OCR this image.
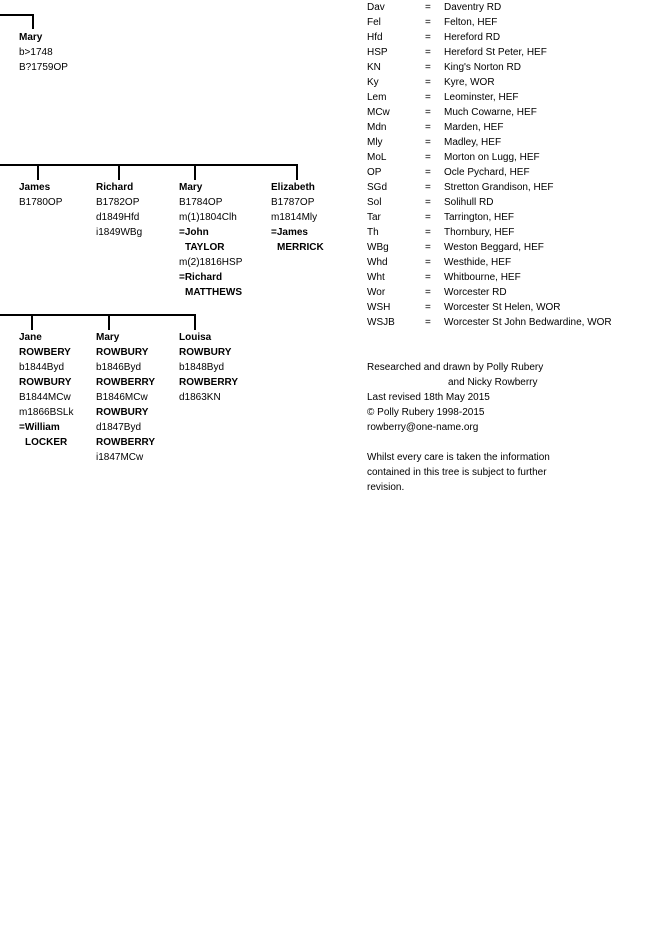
Mary
b>1748
B?1759OP
James
B1780OP
Richard
B1782OP
d1849Hfd
i1849WBg
Mary
B1784OP
m(1)1804Clh
=John
TAYLOR
m(2)1816HSP
=Richard
MATTHEWS
Elizabeth
B1787OP
m1814Mly
=James
MERRICK
Jane
ROWBERY
b1844Byd
ROWBURY
B1844MCw
m1866BSLk
=William
LOCKER
Mary
ROWBURY
b1846Byd
ROWBERRY
B1846MCw
ROWBURY
d1847Byd
ROWBERRY
i1847MCw
Louisa
ROWBURY
b1848Byd
ROWBERRY
d1863KN
Dav	= Daventry RD
Fel	= Felton, HEF
Hfd	= Hereford RD
HSP	= Hereford St Peter, HEF
KN	= King's Norton RD
Ky	= Kyre, WOR
Lem	= Leominster, HEF
MCw	= Much Cowarne, HEF
Mdn	= Marden, HEF
Mly	= Madley, HEF
MoL	= Morton on Lugg, HEF
OP	= Ocle Pychard, HEF
SGd	= Stretton Grandison, HEF
Sol	= Solihull RD
Tar	= Tarrington, HEF
Th	= Thornbury, HEF
WBg	= Weston Beggard, HEF
Whd	= Westhide, HEF
Wht	= Whitbourne, HEF
Wor	= Worcester RD
WSH	= Worcester St Helen, WOR
WSJB	= Worcester St John Bedwardine, WOR
Researched and drawn by Polly Rubery
and Nicky Rowberry
Last revised 18th May 2015
© Polly Rubery 1998-2015
rowberry@one-name.org
Whilst every care is taken the information
contained in this tree is subject to further
revision.
